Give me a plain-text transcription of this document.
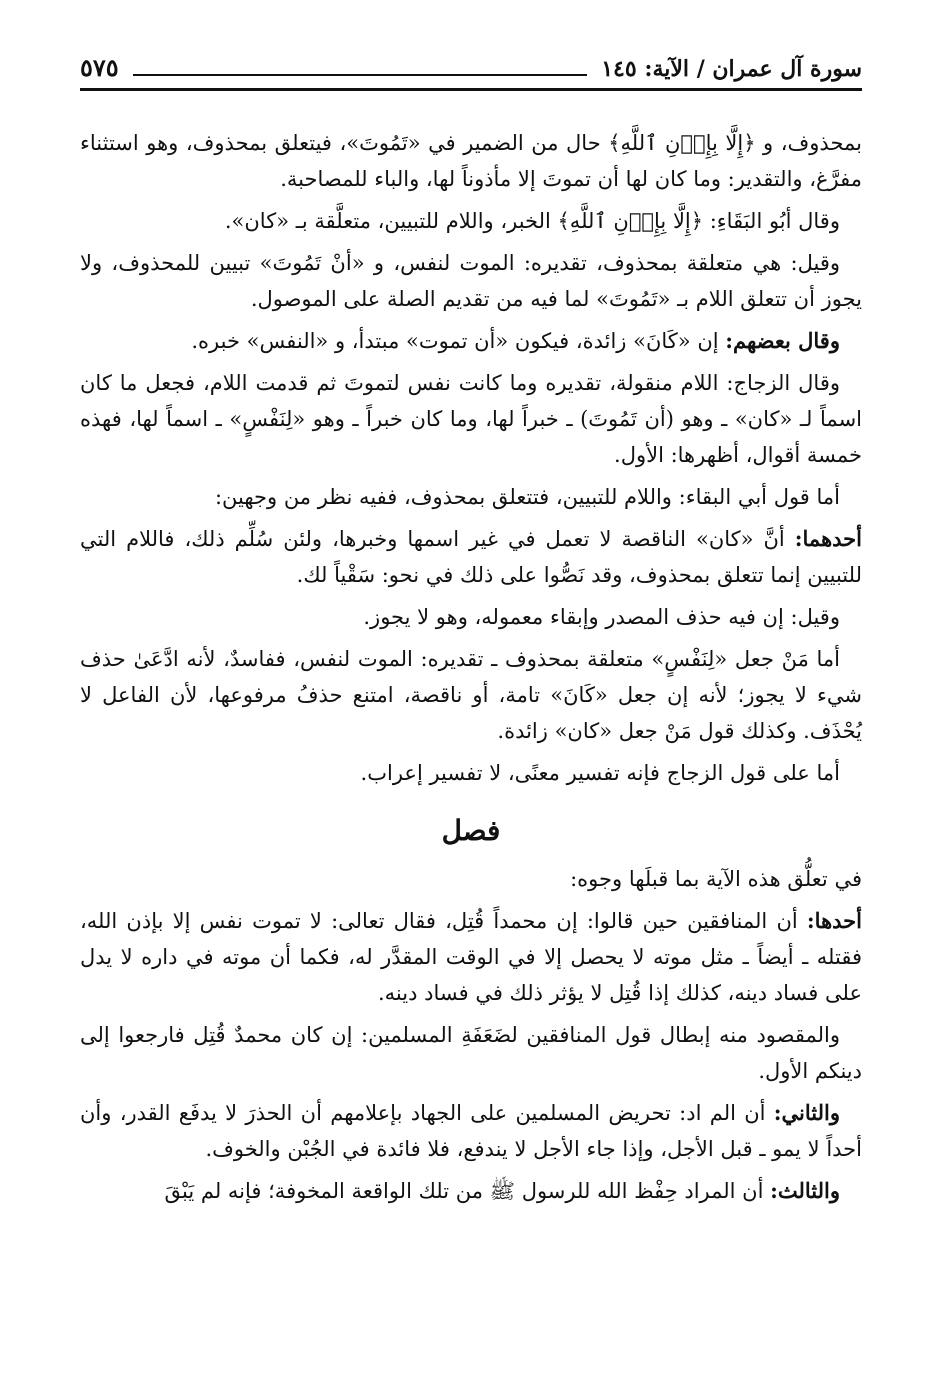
سورة آل عمران / الآية: ١٤٥
٥٧٥

بمحذوف، و ﴿إِلَّا بِإِذۡنِ ٱللَّهِ﴾ حال من الضمير في «تَمُوتَ»، فيتعلق بمحذوف، وهو استثناء مفرَّغ، والتقدير: وما كان لها أن تموتَ إلا مأذوناً لها، والباء للمصاحبة.

وقال أبُو البَقَاءِ: ﴿إِلَّا بِإِذۡنِ ٱللَّهِ﴾ الخبر، واللام للتبيين، متعلَّقة بـ «كان».

وقيل: هي متعلقة بمحذوف، تقديره: الموت لنفس، و «أنْ تَمُوتَ» تبيين للمحذوف، ولا يجوز أن تتعلق اللام بـ «تَمُوتَ» لما فيه من تقديم الصلة على الموصول.

وقال بعضهم: إن «كَانَ» زائدة، فيكون «أن تموت» مبتدأ، و «النفس» خبره.

وقال الزجاج: اللام منقولة، تقديره وما كانت نفس لتموتَ ثم قدمت اللام، فجعل ما كان اسماً لـ «كان» ـ وهو (أن تَمُوتَ) ـ خبراً لها، وما كان خبراً ـ وهو «لِنَفْسٍ» ـ اسماً لها، فهذه خمسة أقوال، أظهرها: الأول.

أما قول أبي البقاء: واللام للتبيين، فتتعلق بمحذوف، ففيه نظر من وجهين:

أحدهما: أنَّ «كان» الناقصة لا تعمل في غير اسمها وخبرها، ولئن سُلِّم ذلك، فاللام التي للتبيين إنما تتعلق بمحذوف، وقد نَصُّوا على ذلك في نحو: سَقْياً لك.

وقيل: إن فيه حذف المصدر وإبقاء معموله، وهو لا يجوز.

أما مَنْ جعل «لِنَفْسٍ» متعلقة بمحذوف ـ تقديره: الموت لنفس، ففاسدٌ، لأنه ادَّعَىٰ حذف شيء لا يجوز؛ لأنه إن جعل «كَانَ» تامة، أو ناقصة، امتنع حذفُ مرفوعها، لأن الفاعل لا يُحْذَف. وكذلك قول مَنْ جعل «كان» زائدة.

أما على قول الزجاج فإنه تفسير معنًى، لا تفسير إعراب.

فصل

في تعلُّق هذه الآية بما قبلَها وجوه:

أحدها: أن المنافقين حين قالوا: إن محمداً قُتِل، فقال تعالى: لا تموت نفس إلا بإذن الله، فقتله ـ أيضاً ـ مثل موته لا يحصل إلا في الوقت المقدَّر له، فكما أن موته في داره لا يدل على فساد دينه، كذلك إذا قُتِل لا يؤثر ذلك في فساد دينه.

والمقصود منه إبطال قول المنافقين لضَعَفَةِ المسلمين: إن كان محمدٌ قُتِل فارجعوا إلى دينكم الأول.

والثاني: أن الم اد: تحريض المسلمين على الجهاد بإعلامهم أن الحذرَ لا يدفَع القدر، وأن أحداً لا يمو ـ قبل الأجل، وإذا جاء الأجل لا يندفع، فلا فائدة في الجُبْن والخوف.

والثالث: أن المراد حِفْظ الله للرسول ﷺ من تلك الواقعة المخوفة؛ فإنه لم يَبْقَ
